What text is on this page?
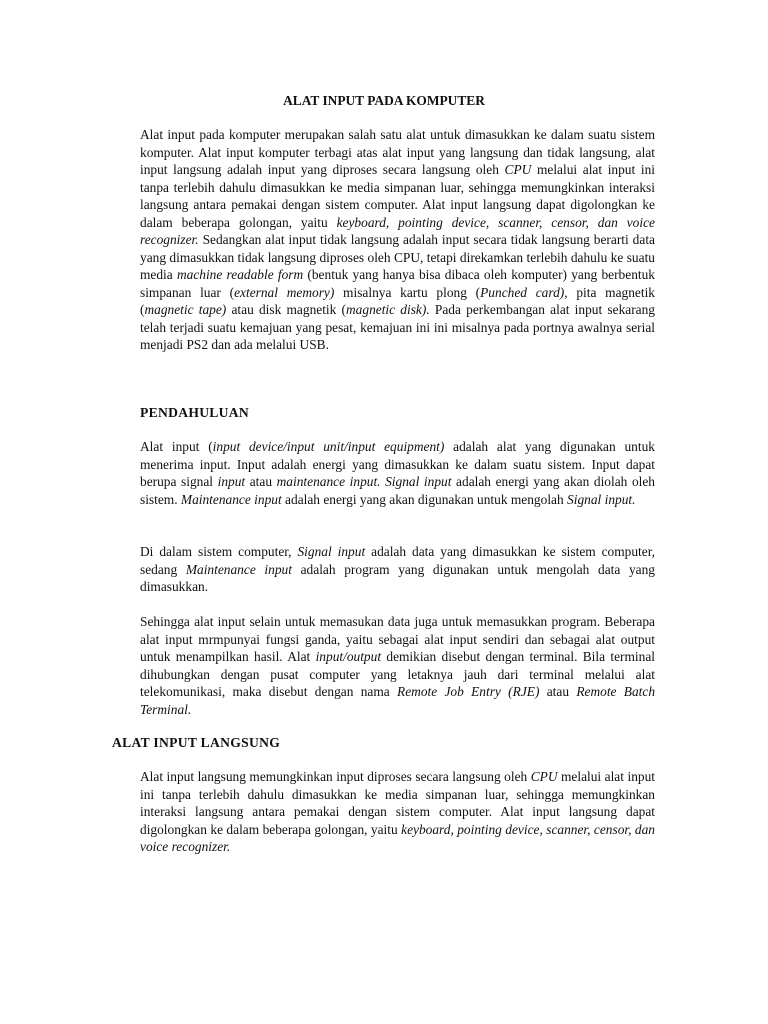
ALAT INPUT PADA KOMPUTER

Alat input pada komputer merupakan salah satu alat untuk dimasukkan ke dalam suatu sistem komputer. Alat input komputer terbagi atas alat input yang langsung dan tidak langsung, alat input langsung adalah input yang diproses secara langsung oleh CPU melalui alat input ini tanpa terlebih dahulu dimasukkan ke media simpanan luar, sehingga memungkinkan interaksi langsung antara pemakai dengan sistem computer. Alat input langsung dapat digolongkan ke dalam beberapa golongan, yaitu keyboard, pointing device, scanner, censor, dan voice recognizer. Sedangkan alat input tidak langsung adalah input secara tidak langsung berarti data yang dimasukkan tidak langsung diproses oleh CPU, tetapi direkamkan terlebih dahulu ke suatu media machine readable form (bentuk yang hanya bisa dibaca oleh komputer) yang berbentuk simpanan luar (external memory) misalnya kartu plong (Punched card), pita magnetik (magnetic tape) atau disk magnetik (magnetic disk). Pada perkembangan alat input sekarang telah terjadi suatu kemajuan yang pesat, kemajuan ini ini misalnya pada portnya awalnya serial menjadi PS2 dan ada melalui USB.

PENDAHULUAN

Alat input (input device/input unit/input equipment) adalah alat yang digunakan untuk menerima input. Input adalah energi yang dimasukkan ke dalam suatu sistem. Input dapat berupa signal input atau maintenance input. Signal input adalah energi yang akan diolah oleh sistem. Maintenance input adalah energi yang akan digunakan untuk mengolah Signal input.

Di dalam sistem computer, Signal input adalah data yang dimasukkan ke sistem computer, sedang Maintenance input adalah program yang digunakan untuk mengolah data yang dimasukkan.

Sehingga alat input selain untuk memasukan data juga untuk memasukkan program. Beberapa alat input mrmpunyai fungsi ganda, yaitu sebagai alat input sendiri dan sebagai alat output untuk menampilkan hasil. Alat input/output demikian disebut dengan terminal. Bila terminal dihubungkan dengan pusat computer yang letaknya jauh dari terminal melalui alat telekomunikasi, maka disebut dengan nama Remote Job Entry (RJE) atau Remote Batch Terminal.

ALAT INPUT LANGSUNG

Alat input langsung memungkinkan input diproses secara langsung oleh CPU melalui alat input ini tanpa terlebih dahulu dimasukkan ke media simpanan luar, sehingga memungkinkan interaksi langsung antara pemakai dengan sistem computer. Alat input langsung dapat digolongkan ke dalam beberapa golongan, yaitu keyboard, pointing device, scanner, censor, dan voice recognizer.
